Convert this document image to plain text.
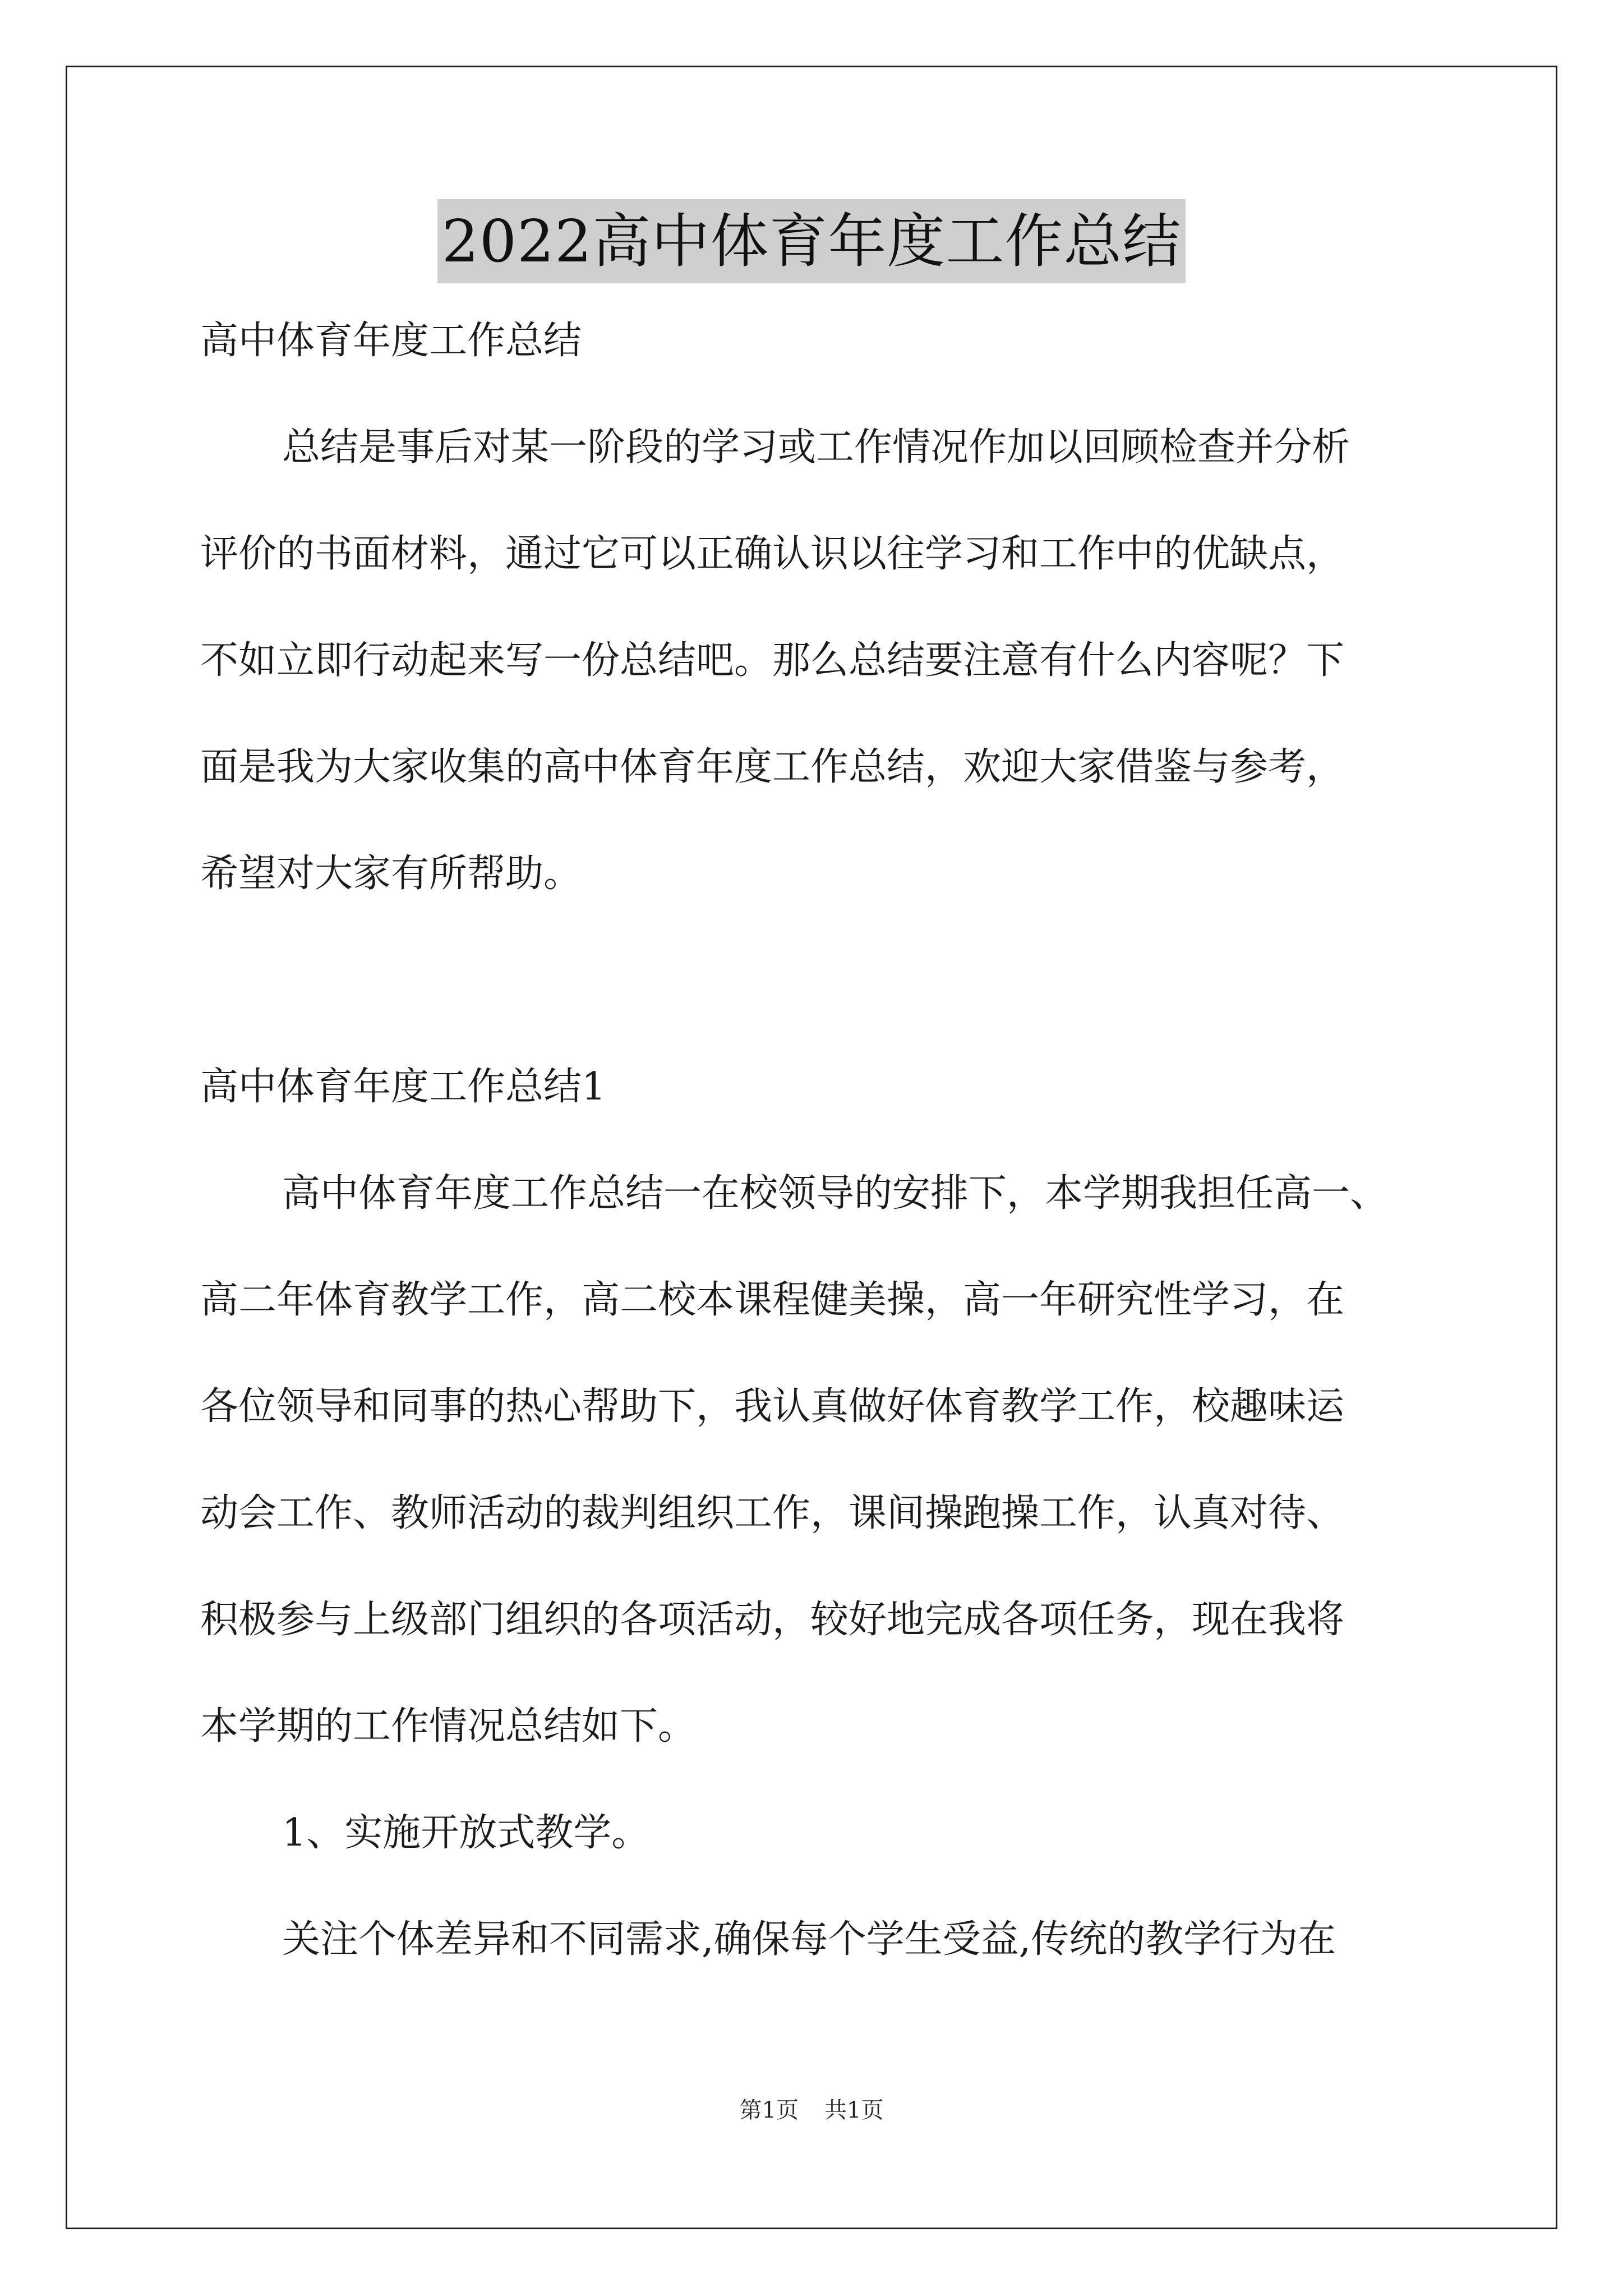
2022高中体育年度工作总结

高中体育年度工作总结

总结是事后对某一阶段的学习或工作情况作加以回顾检查并分析

评价的书面材料，通过它可以正确认识以往学习和工作中的优缺点，

不如立即行动起来写一份总结吧。那么总结要注意有什么内容呢？下

面是我为大家收集的高中体育年度工作总结，欢迎大家借鉴与参考，

希望对大家有所帮助。

高中体育年度工作总结1

高中体育年度工作总结一在校领导的安排下，本学期我担任高一、

高二年体育教学工作，高二校本课程健美操，高一年研究性学习，在

各位领导和同事的热心帮助下，我认真做好体育教学工作，校趣味运

动会工作、教师活动的裁判组织工作，课间操跑操工作，认真对待、

积极参与上级部门组织的各项活动，较好地完成各项任务，现在我将

本学期的工作情况总结如下。

1、实施开放式教学。

关注个体差异和不同需求,确保每个学生受益,传统的教学行为在

第1页 共1页
